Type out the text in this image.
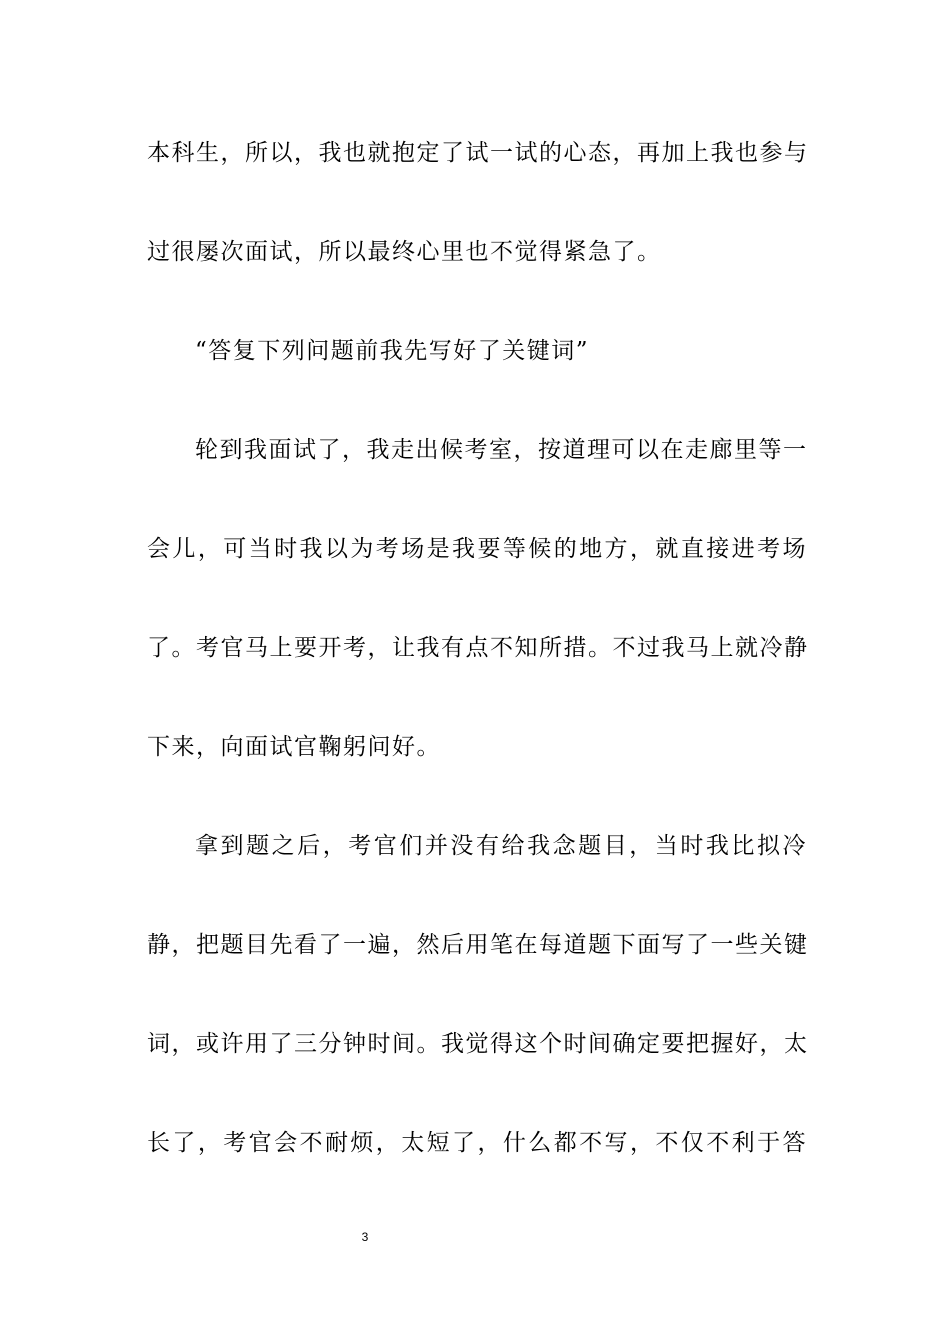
本科生，所以，我也就抱定了试一试的心态，再加上我也参与
过很屡次面试，所以最终心里也不觉得紧急了。
“答复下列问题前我先写好了关键词”
轮到我面试了，我走出候考室，按道理可以在走廊里等一
会儿，可当时我以为考场是我要等候的地方，就直接进考场
了。考官马上要开考，让我有点不知所措。不过我马上就冷静
下来，向面试官鞠躬问好。
拿到题之后，考官们并没有给我念题目，当时我比拟冷
静，把题目先看了一遍，然后用笔在每道题下面写了一些关键
词，或许用了三分钟时间。我觉得这个时间确定要把握好，太
长了，考官会不耐烦，太短了，什么都不写，不仅不利于答
3
